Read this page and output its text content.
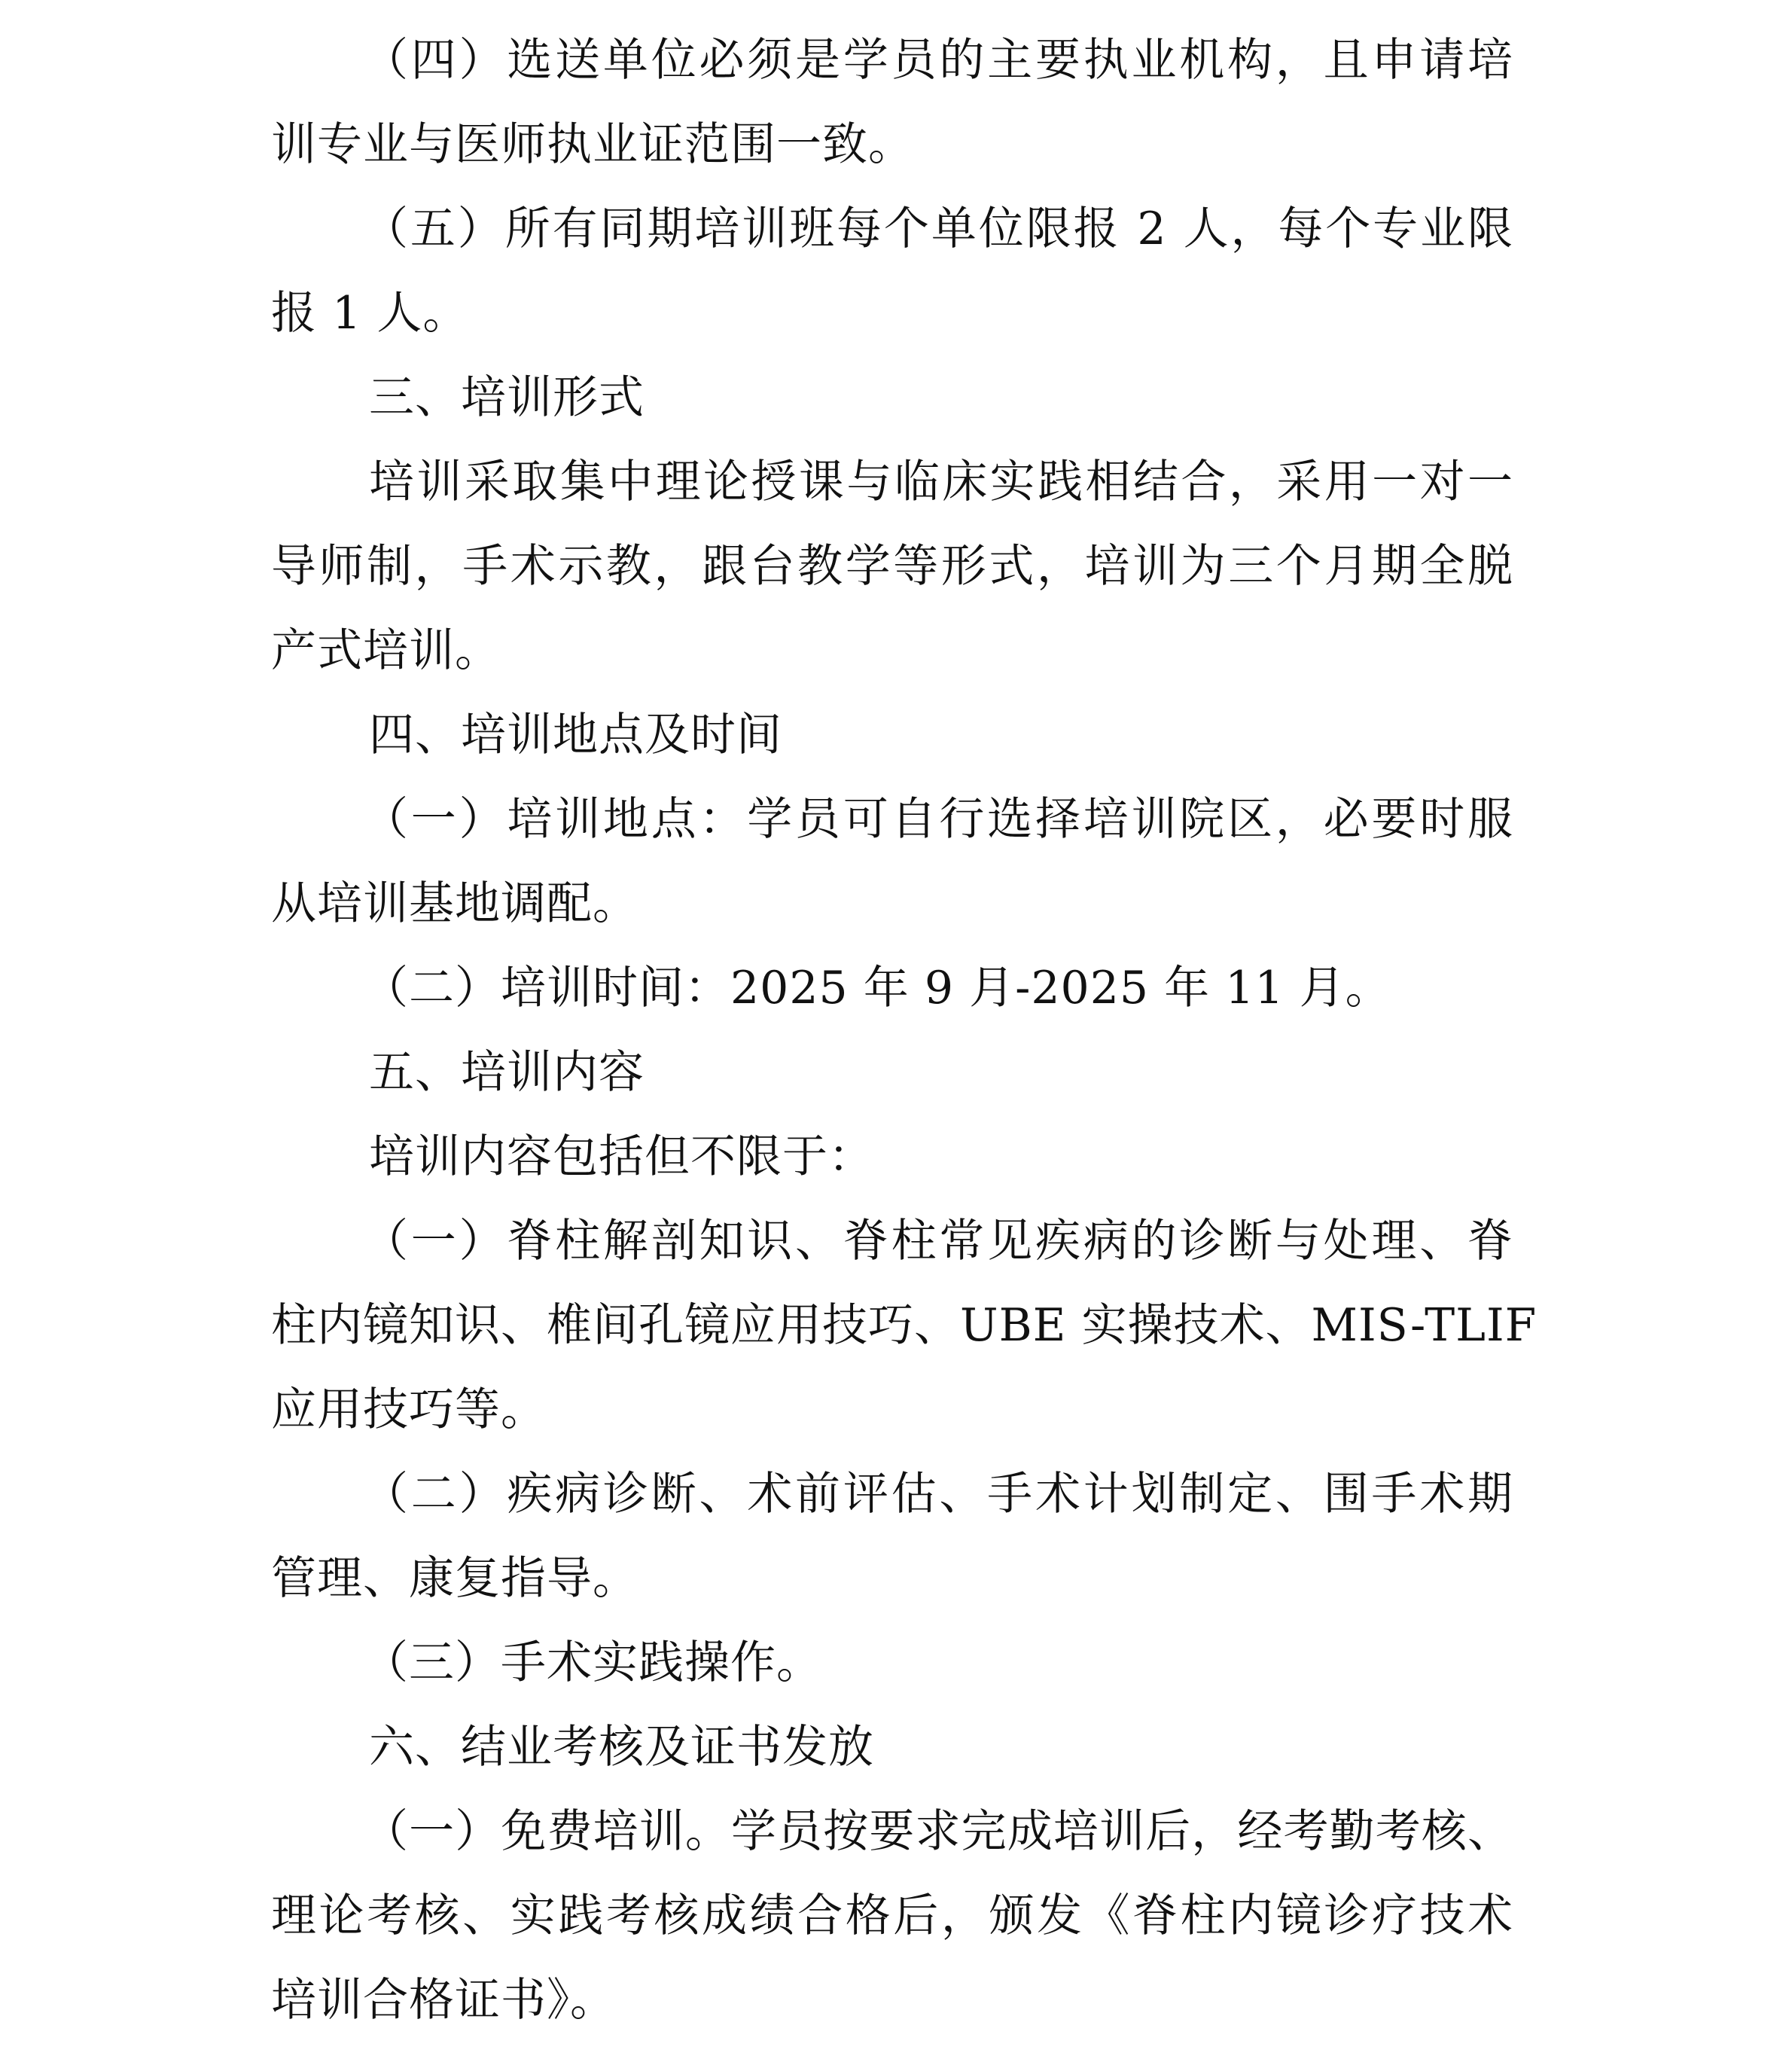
（四）选送单位必须是学员的主要执业机构，且申请培
训专业与医师执业证范围一致。
（五）所有同期培训班每个单位限报 2 人，每个专业限
报 1 人。
三、培训形式
培训采取集中理论授课与临床实践相结合，采用一对一
导师制，手术示教，跟台教学等形式，培训为三个月期全脱
产式培训。
四、培训地点及时间
（一）培训地点：学员可自行选择培训院区，必要时服
从培训基地调配。
（二）培训时间：2025 年 9 月-2025 年 11 月。
五、培训内容
培训内容包括但不限于：
（一）脊柱解剖知识、脊柱常见疾病的诊断与处理、脊
柱内镜知识、椎间孔镜应用技巧、UBE 实操技术、MIS-TLIF
应用技巧等。
（二）疾病诊断、术前评估、手术计划制定、围手术期
管理、康复指导。
（三）手术实践操作。
六、结业考核及证书发放
（一）免费培训。学员按要求完成培训后，经考勤考核、
理论考核、实践考核成绩合格后，颁发《脊柱内镜诊疗技术
培训合格证书》。
